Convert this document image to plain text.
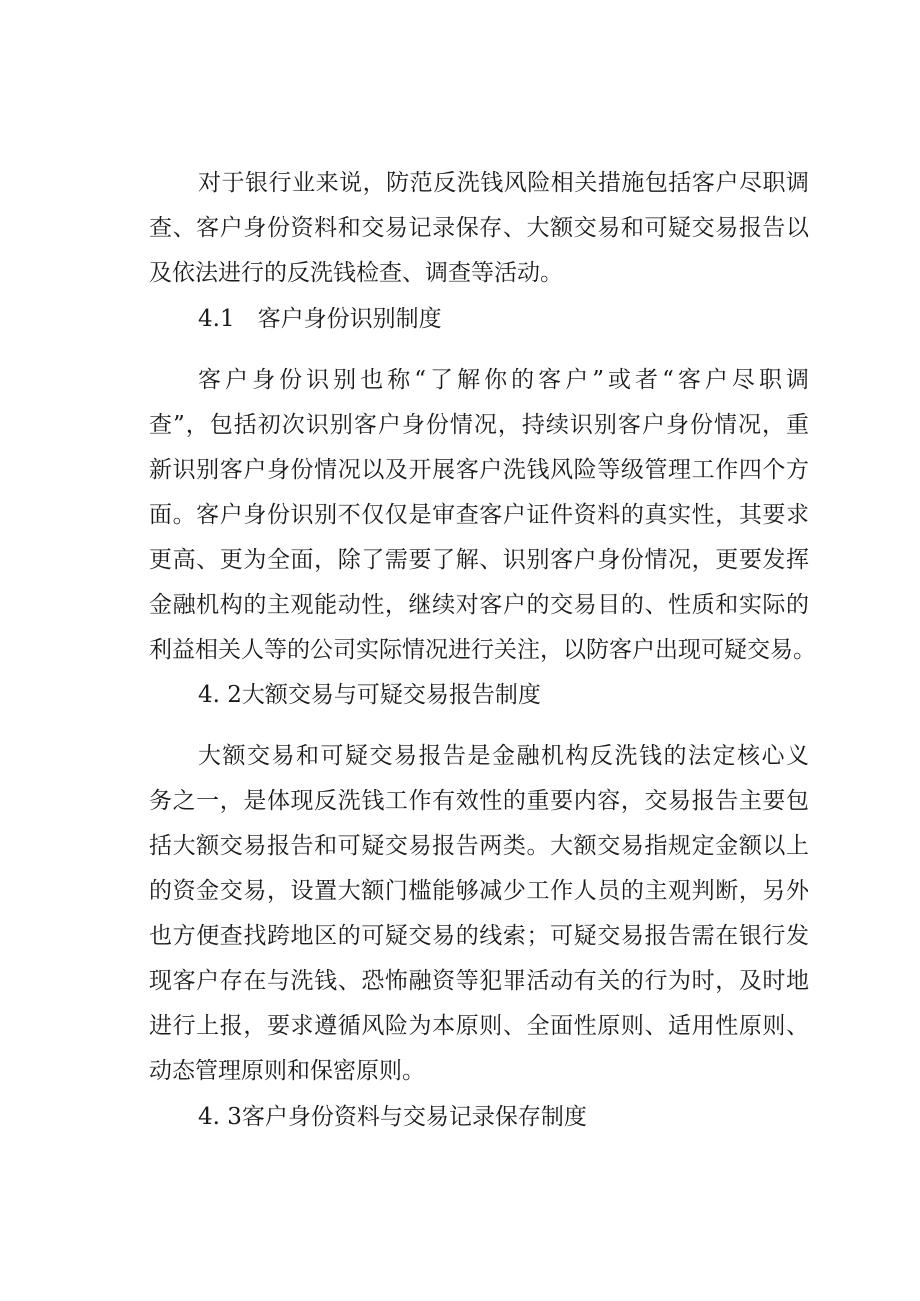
对于银行业来说，防范反洗钱风险相关措施包括客户尽职调
查、客户身份资料和交易记录保存、大额交易和可疑交易报告以
及依法进行的反洗钱检查、调查等活动。
4.1　客户身份识别制度
客户身份识别也称“了解你的客户”或者“客户尽职调
查”，包括初次识别客户身份情况，持续识别客户身份情况，重
新识别客户身份情况以及开展客户洗钱风险等级管理工作四个方
面。客户身份识别不仅仅是审查客户证件资料的真实性，其要求
更高、更为全面，除了需要了解、识别客户身份情况，更要发挥
金融机构的主观能动性，继续对客户的交易目的、性质和实际的
利益相关人等的公司实际情况进行关注，以防客户出现可疑交易。
4. 2大额交易与可疑交易报告制度
大额交易和可疑交易报告是金融机构反洗钱的法定核心义
务之一，是体现反洗钱工作有效性的重要内容，交易报告主要包
括大额交易报告和可疑交易报告两类。大额交易指规定金额以上
的资金交易，设置大额门槛能够减少工作人员的主观判断，另外
也方便查找跨地区的可疑交易的线索；可疑交易报告需在银行发
现客户存在与洗钱、恐怖融资等犯罪活动有关的行为时，及时地
进行上报，要求遵循风险为本原则、全面性原则、适用性原则、
动态管理原则和保密原则。
4. 3客户身份资料与交易记录保存制度
